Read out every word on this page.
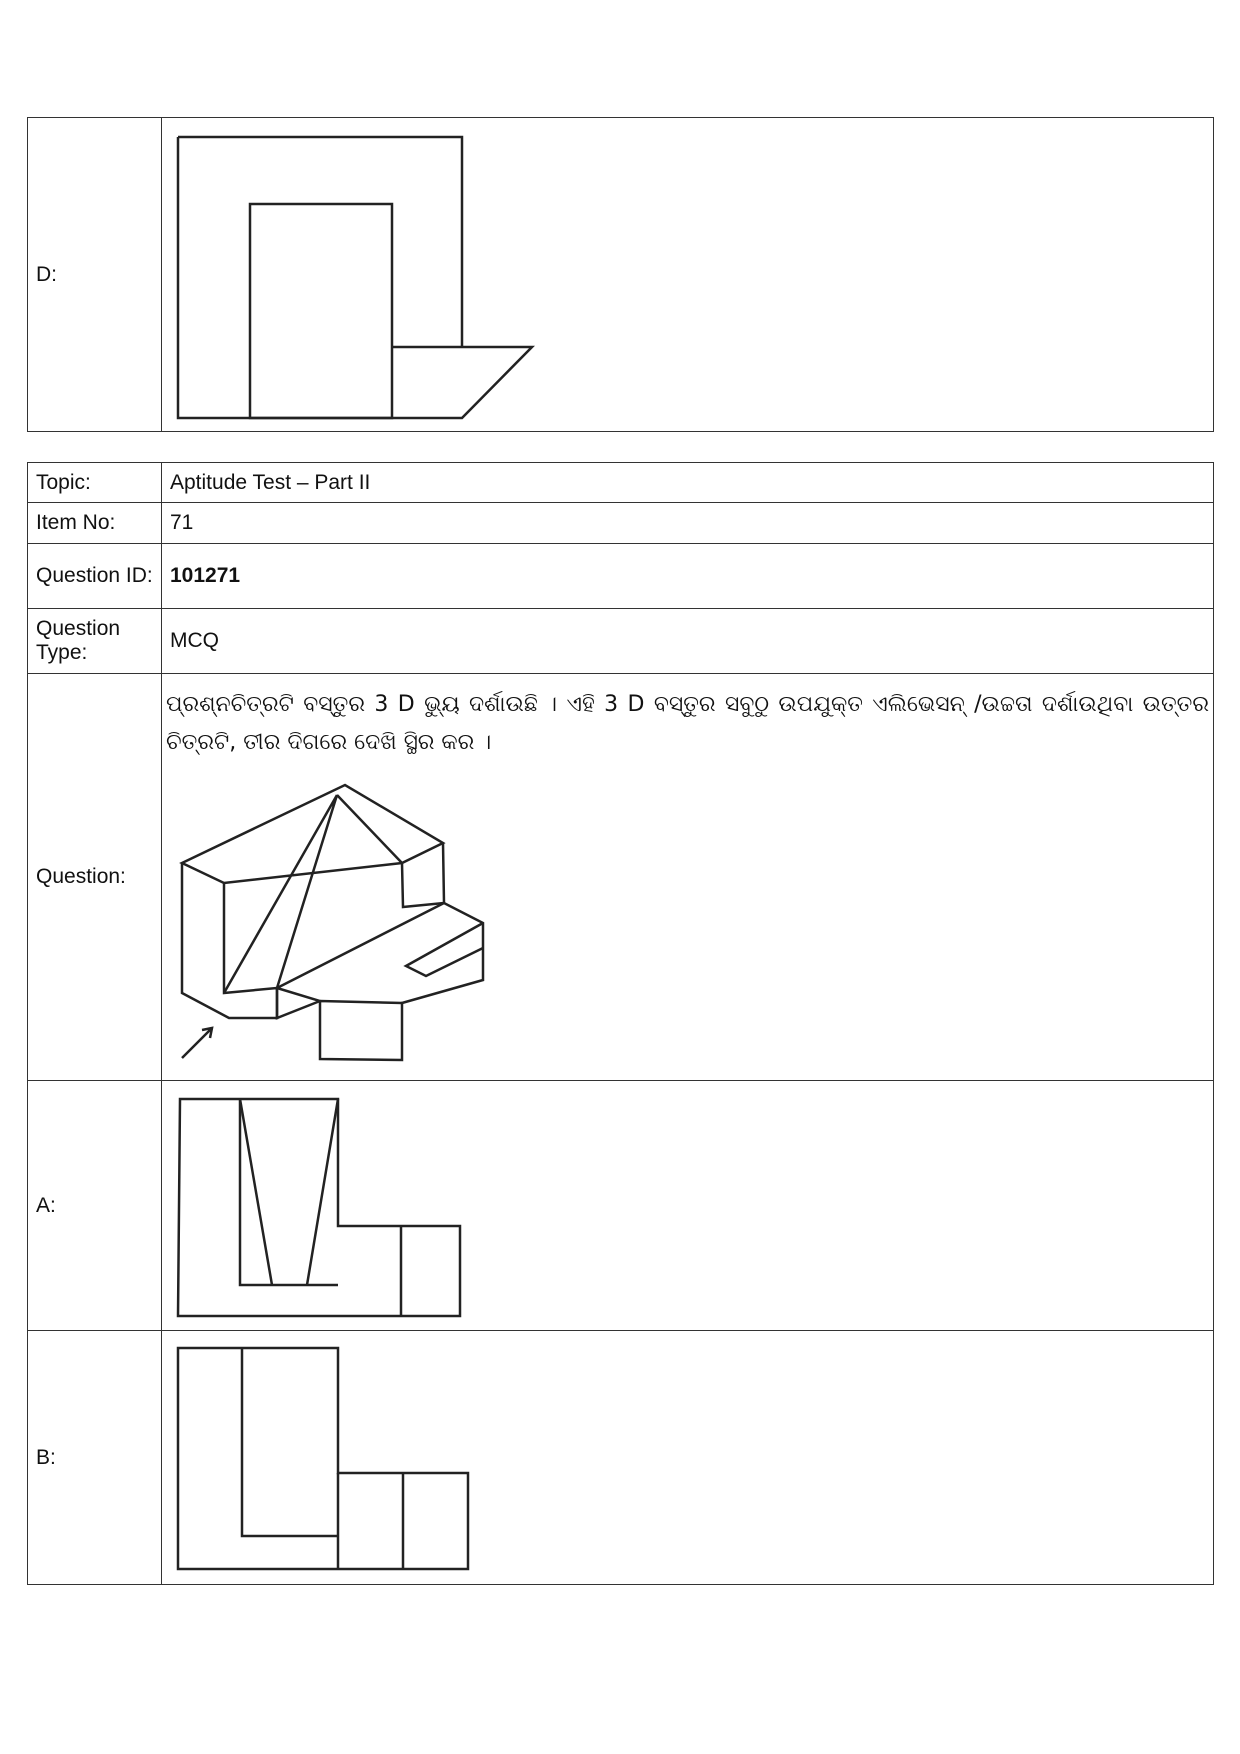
D:	
Topic:	Aptitude Test – Part II
Item No:	71
Question ID:	101271
Question Type:	MCQ
Question:	ପ୍ରଶ୍ନଚିତ୍ରଟି ବସ୍ତୁର 3 D ଭ୍ୟୁ ଦର୍ଶାଉଛି । ଏହି 3 D ବସ୍ତୁର ସବୁଠୁ ଉପଯୁକ୍ତ ଏଲିଭେସନ୍ /ଉଚ୍ଚତା ଦର୍ଶାଉଥିବା ଉତ୍ତର ଚିତ୍ରଟି, ତୀର ଦିଗରେ ଦେଖି ସ୍ଥିର କର ।

A:	

B:	
